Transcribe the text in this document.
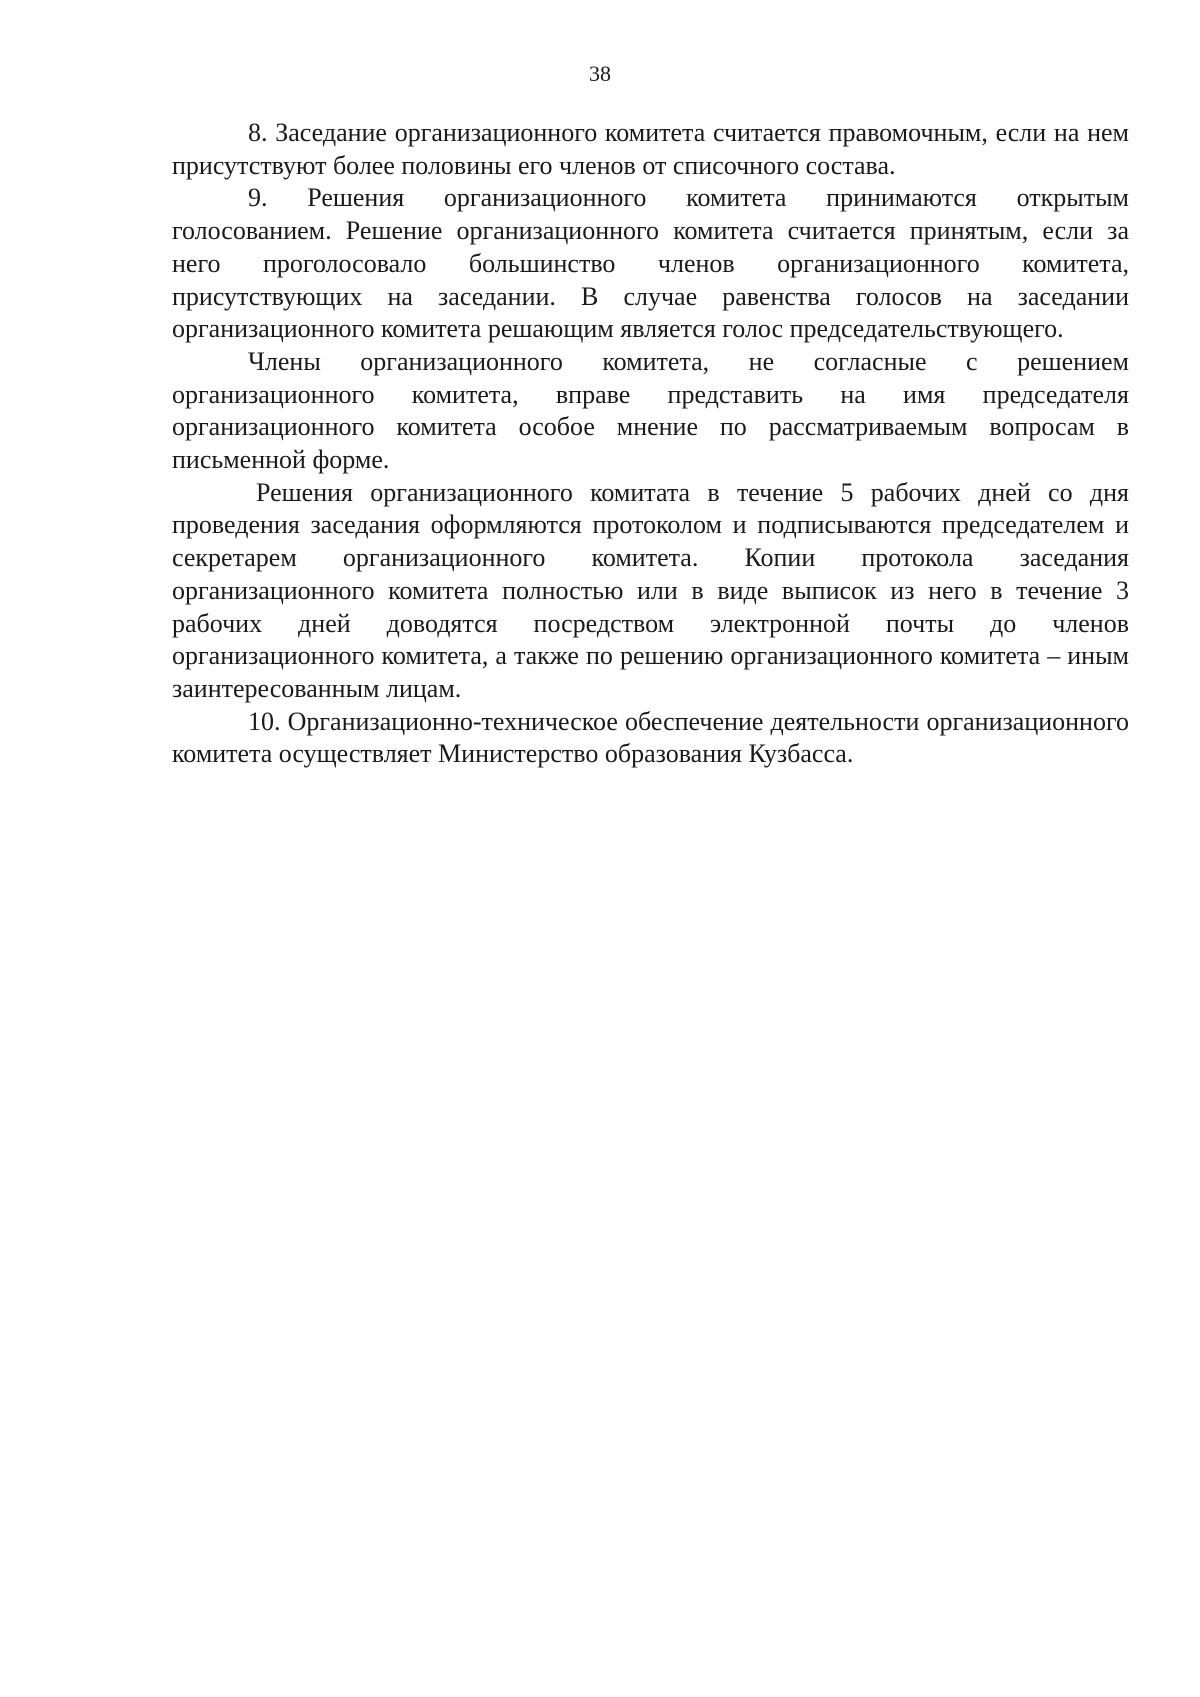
38

8. Заседание организационного комитета считается правомочным, если на нем присутствуют более половины его членов от списочного состава.

9. Решения организационного комитета принимаются открытым голосованием. Решение организационного комитета считается принятым, если за него проголосовало большинство членов организационного комитета, присутствующих на заседании. В случае равенства голосов на заседании организационного комитета решающим является голос председательствующего.

Члены организационного комитета, не согласные с решением организационного комитета, вправе представить на имя председателя организационного комитета особое мнение по рассматриваемым вопросам в письменной форме.

Решения организационного комитата в течение 5 рабочих дней со дня проведения заседания оформляются протоколом и подписываются председателем и секретарем организационного комитета. Копии протокола заседания организационного комитета полностью или в виде выписок из него в течение 3 рабочих дней доводятся посредством электронной почты до членов организационного комитета, а также по решению организационного комитета – иным заинтересованным лицам.

10. Организационно-техническое обеспечение деятельности организационного комитета осуществляет Министерство образования Кузбасса.
